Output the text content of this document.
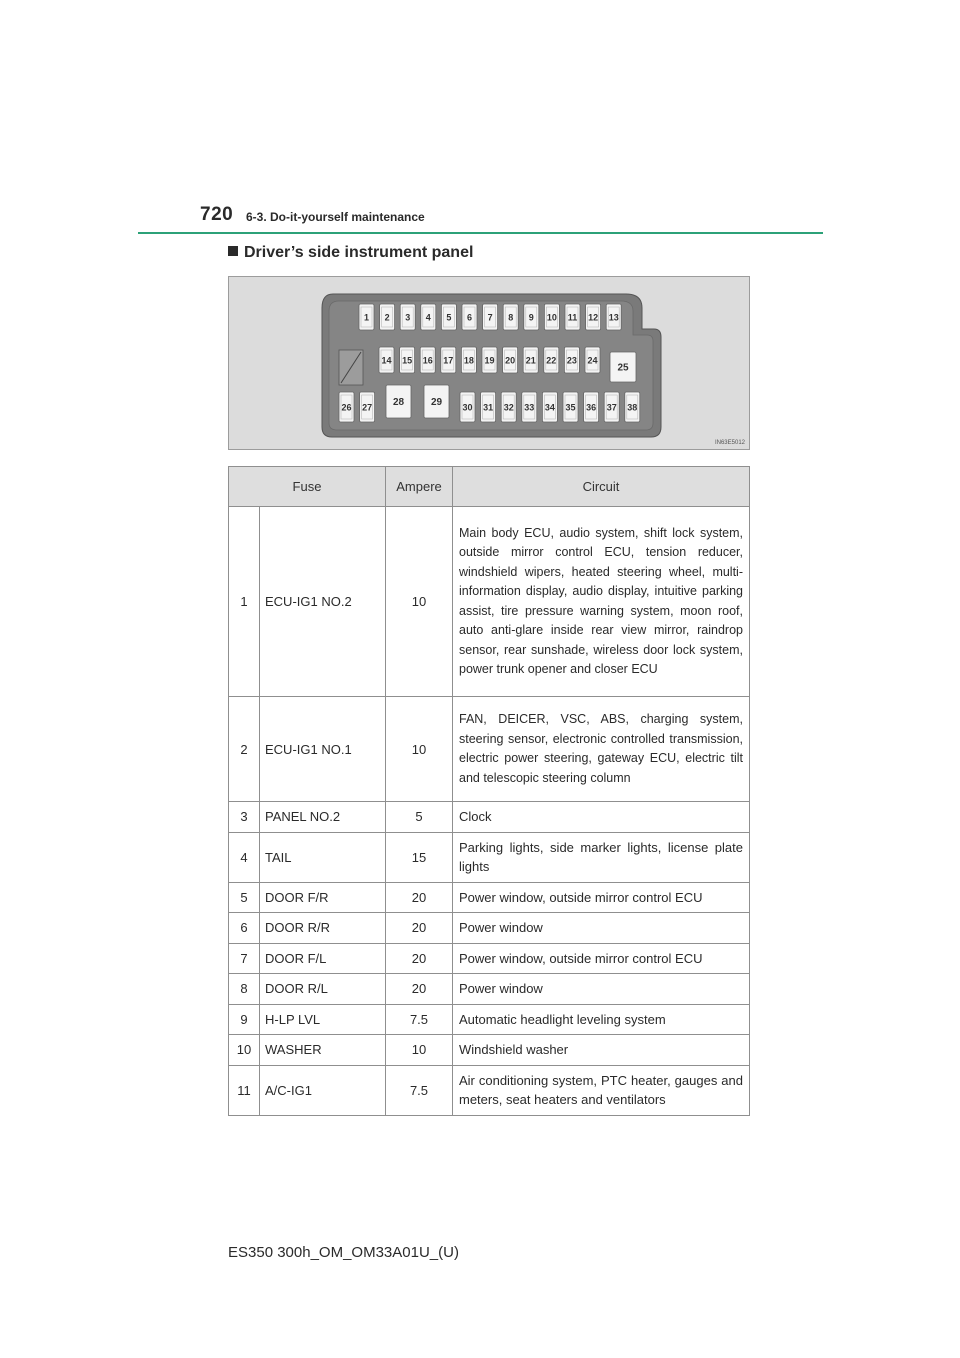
720 6-3. Do-it-yourself maintenance
Driver’s side instrument panel
1 2 3 4 5 6 7 8 9 10 11 12 13
14 15 16 17 18 19 20 21 22 23 24
25
26 27 28	29 30 31 32 33 34 35 36 37 38
IN63E5012
Fuse		Ampere	Circuit
1	ECU-IG1 NO.2	10	Main body ECU, audio system, shift lock system, outside mirror control ECU, tension reducer, windshield wipers, heated steering wheel, multi-information display, audio display, intuitive parking assist, tire pressure warning system, moon roof, auto anti-glare inside rear view mirror, raindrop sensor, rear sunshade, wireless door lock system, power trunk opener and closer ECU
2	ECU-IG1 NO.1	10	FAN, DEICER, VSC, ABS, charging system, steering sensor, electronic controlled transmission, electric power steering, gateway ECU, electric tilt and telescopic steering column
3	PANEL NO.2	5	Clock
4	TAIL	15	Parking lights, side marker lights, license plate lights
5	DOOR F/R	20	Power window, outside mirror control ECU
6	DOOR R/R	20	Power window
7	DOOR F/L	20	Power window, outside mirror control ECU
8	DOOR R/L	20	Power window
9	H-LP LVL	7.5	Automatic headlight leveling system
10	WASHER	10	Windshield washer
11	A/C-IG1	7.5	Air conditioning system, PTC heater, gauges and meters, seat heaters and ventilators
ES350 300h_OM_OM33A01U_(U)
